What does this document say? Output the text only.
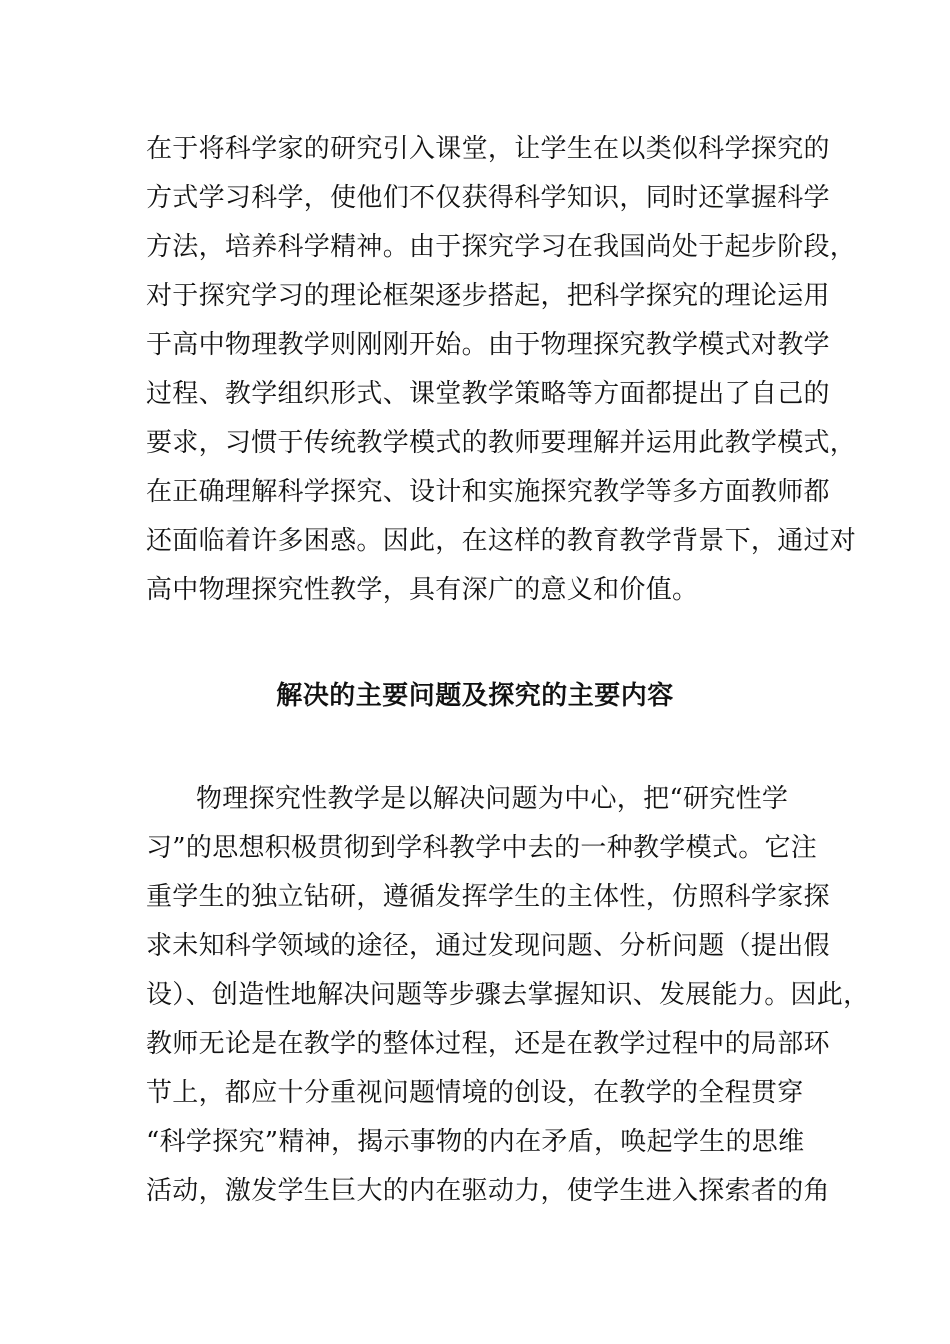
在于将科学家的研究引入课堂，让学生在以类似科学探究的
方式学习科学，使他们不仅获得科学知识，同时还掌握科学
方法，培养科学精神。由于探究学习在我国尚处于起步阶段，
对于探究学习的理论框架逐步搭起，把科学探究的理论运用
于高中物理教学则刚刚开始。由于物理探究教学模式对教学
过程、教学组织形式、课堂教学策略等方面都提出了自己的
要求，习惯于传统教学模式的教师要理解并运用此教学模式，
在正确理解科学探究、设计和实施探究教学等多方面教师都
还面临着许多困惑。因此，在这样的教育教学背景下，通过对
高中物理探究性教学，具有深广的意义和价值。
解决的主要问题及探究的主要内容
物理探究性教学是以解决问题为中心，把“研究性学
习”的思想积极贯彻到学科教学中去的一种教学模式。它注
重学生的独立钻研，遵循发挥学生的主体性，仿照科学家探
求未知科学领域的途径，通过发现问题、分析问题（提出假
设）、创造性地解决问题等步骤去掌握知识、发展能力。因此，
教师无论是在教学的整体过程，还是在教学过程中的局部环
节上，都应十分重视问题情境的创设，在教学的全程贯穿
“科学探究”精神，揭示事物的内在矛盾，唤起学生的思维
活动，激发学生巨大的内在驱动力，使学生进入探索者的角
